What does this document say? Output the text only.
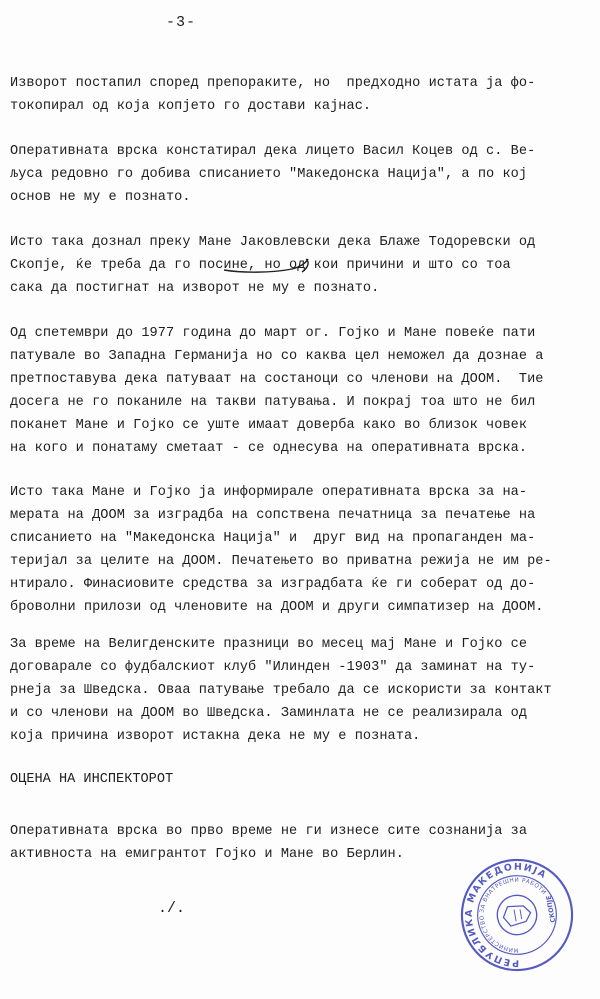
-3-
Изворот постапил според препораките, но  предходно истата ја фо-
токопирал од која копјето го достави кајнас.
Оперативната врска констатирал дека лицето Васил Коцев од с. Ве-
љуса редовно го добива списанието "Македонска Нација", а по кој
основ не му е познато.
Исто така дознал преку Мане Јаковлевски дека Блаже Тодоревски од
Скопје, ќе треба да го посине, но од кои причини и што со тоа
сака да постигнат на изворот не му е познато.
Од спетември до 1977 година до март ог. Гојко и Мане повеќе пати
патувале во Западна Германија но со каква цел неможел да дознае а
претпоставува дека патуваат на состаноци со членови на ДООМ.  Тие
досега не го поканиле на такви патувања. И покрај тоа што не бил
поканет Мане и Гојко се уште имаат доверба како во близок човек
на кого и понатаму сметаат - се однесува на оперативната врска.
Исто така Мане и Гојко ја информирале оперативната врска за на-
мерата на ДООМ за изградба на сопствена печатница за печатење на
списанието на "Македонска Нација" и  друг вид на пропаганден ма-
теријал за целите на ДООМ. Печатењето во приватна режија не им ре-
нтирало. Финасиовите средства за изградбата ќе ги соберат од до-
броволни прилози од членовите на ДООМ и други симпатизер на ДООМ.
За време на Велигденските празници во месец мај Мане и Гојко се
договарале со фудбалскиот клуб "Илинден -1903" да заминат на ту-
рнеја за Шведска. Оваа патување требало да се искористи за контакт
и со членови на ДООМ во Шведска. Заминлата не се реализирала од
која причина изворот истакна дека не му е позната.
ОЦЕНА НА ИНСПЕКТОРОТ
Оперативната врска во прво време не ги изнесе сите сознанија за
активноста на емигрантот Гојко и Мане во Берлин.
./.
РЕПУБЛИКА МАКЕДОНИЈА
МИНИСТЕРСТВО ЗА ВНАТРЕШНИ РАБОТИ
СКОПЈЕ
